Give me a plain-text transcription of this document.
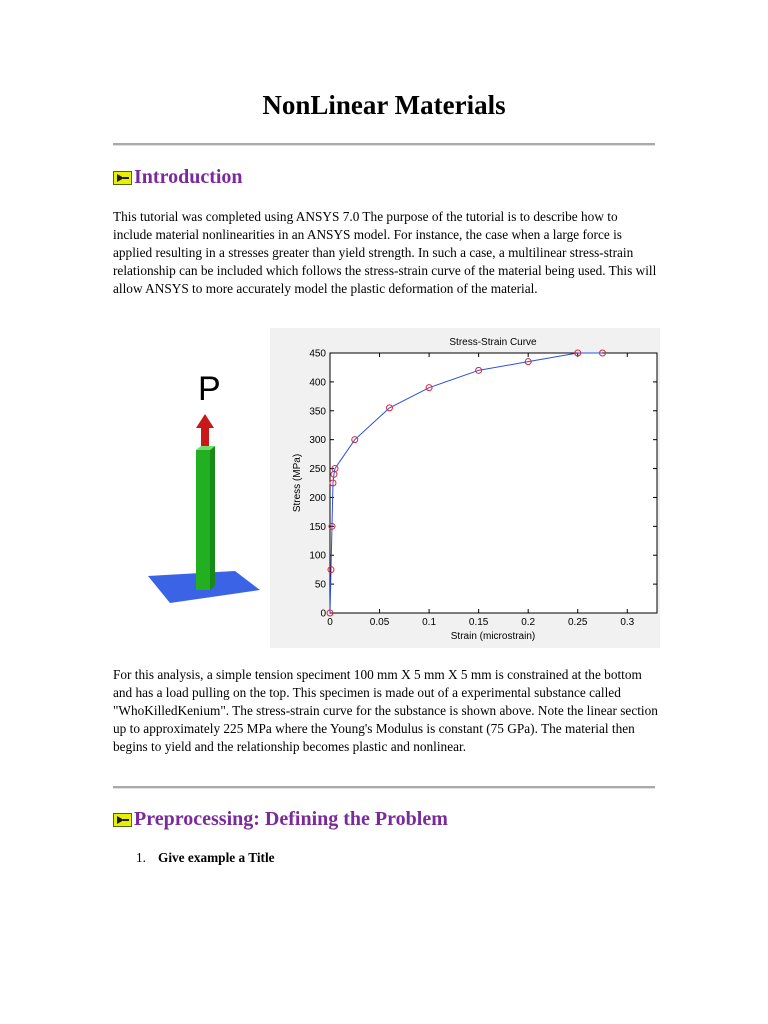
NonLinear Materials
Introduction

This tutorial was completed using ANSYS 7.0 The purpose of the tutorial is to describe how to include material nonlinearities in an ANSYS model. For instance, the case when a large force is applied resulting in a stresses greater than yield strength. In such a case, a multilinear stress-strain relationship can be included which follows the stress-strain curve of the material being used. This will allow ANSYS to more accurately model the plastic deformation of the material.

P
Stress-Strain Curve
Strain (microstrain)
Stress (MPa)
0	0.05	0.1	0.15	0.2	0.25	0.3
0
50
100
150
200
250
300
350
400
450

For this analysis, a simple tension speciment 100 mm X 5 mm X 5 mm is constrained at the bottom and has a load pulling on the top. This specimen is made out of a experimental substance called "WhoKilledKenium". The stress-strain curve for the substance is shown above. Note the linear section up to approximately 225 MPa where the Young's Modulus is constant (75 GPa). The material then begins to yield and the relationship becomes plastic and nonlinear.

Preprocessing: Defining the Problem

1. Give example a Title
